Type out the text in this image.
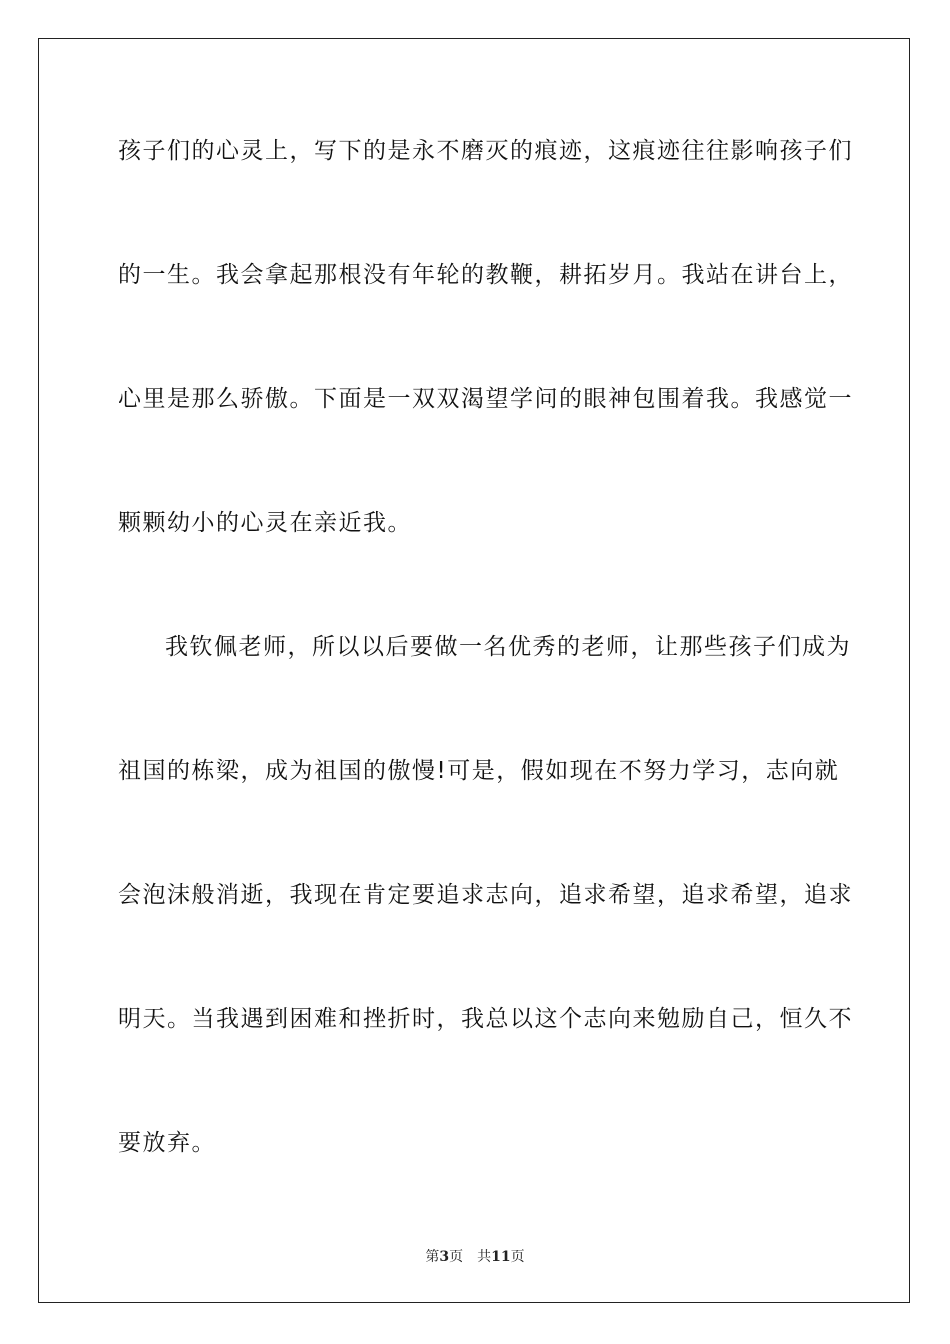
孩子们的心灵上，写下的是永不磨灭的痕迹，这痕迹往往影响孩子们
的一生。我会拿起那根没有年轮的教鞭，耕拓岁月。我站在讲台上，
心里是那么骄傲。下面是一双双渴望学问的眼神包围着我。我感觉一
颗颗幼小的心灵在亲近我。
我钦佩老师，所以以后要做一名优秀的老师，让那些孩子们成为
祖国的栋梁，成为祖国的傲慢!可是，假如现在不努力学习，志向就
会泡沫般消逝，我现在肯定要追求志向，追求希望，追求希望，追求
明天。当我遇到困难和挫折时，我总以这个志向来勉励自己，恒久不
要放弃。
第3页 共11页
